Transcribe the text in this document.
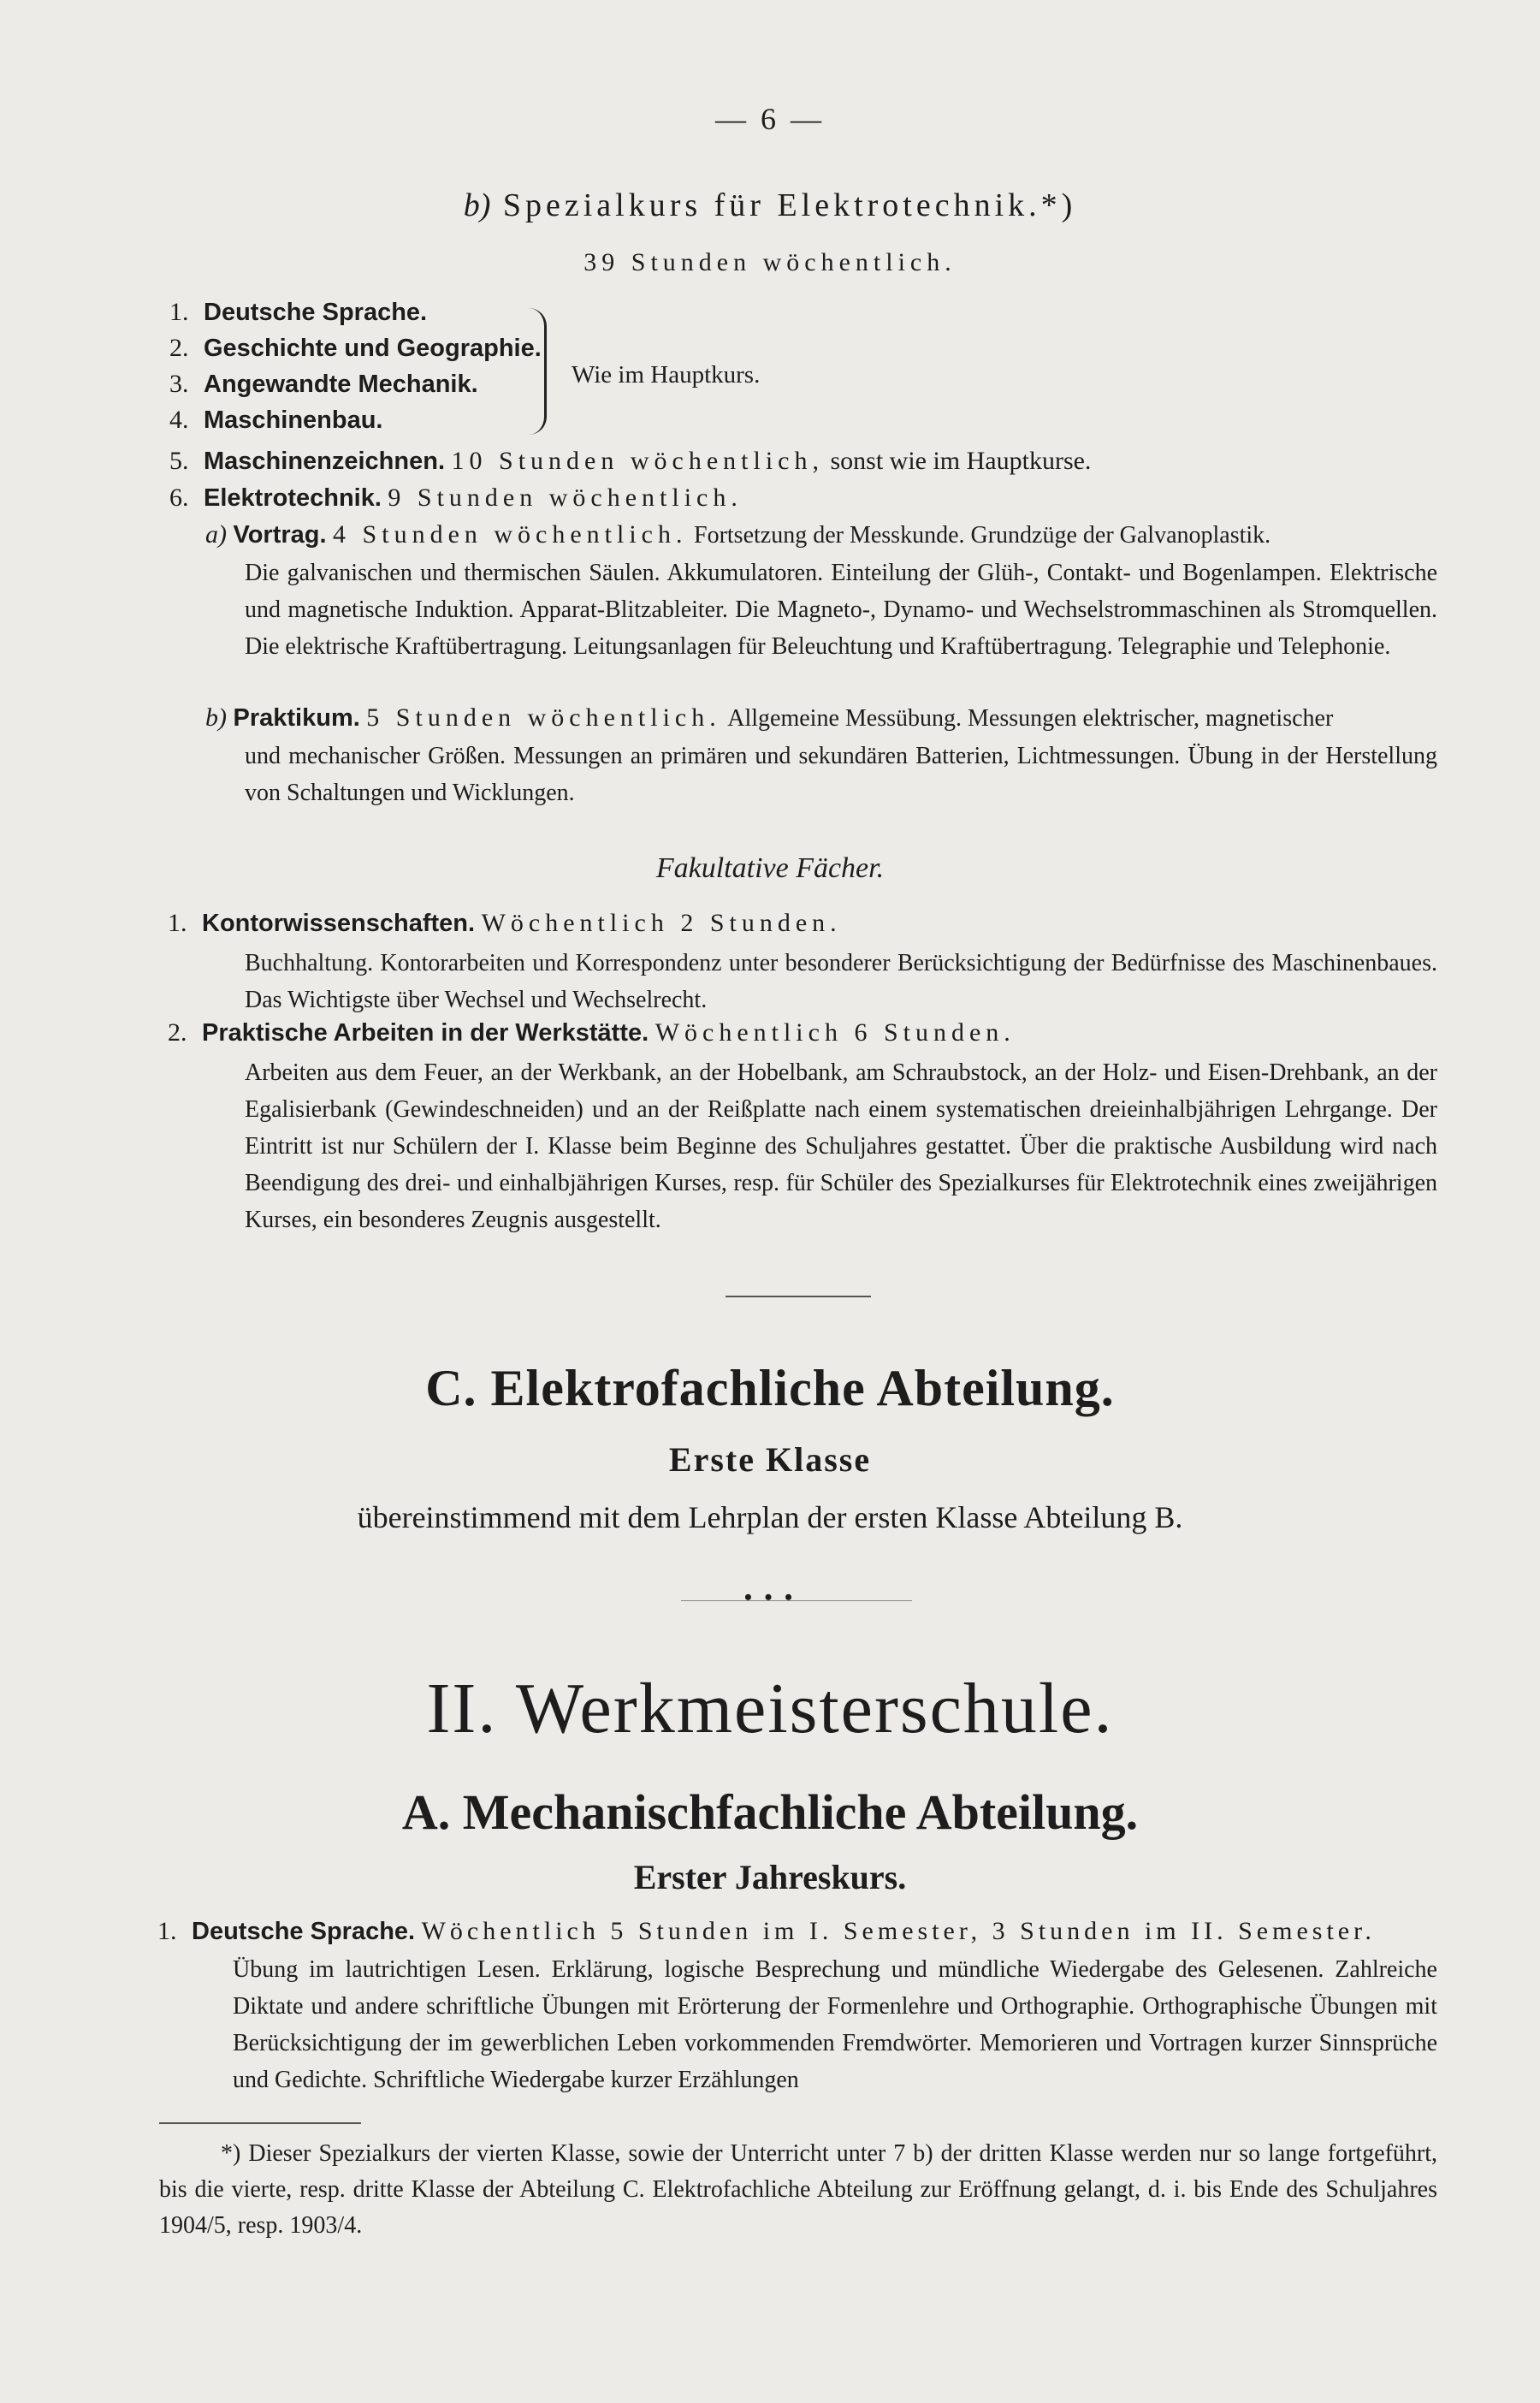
— 6 —
b) Spezialkurs für Elektrotechnik.*)
39 Stunden wöchentlich.
1. Deutsche Sprache.
2. Geschichte und Geographie.
3. Angewandte Mechanik.
4. Maschinenbau.
Wie im Hauptkurs.
5. Maschinenzeichnen. 10 Stunden wöchentlich, sonst wie im Hauptkurse.
6. Elektrotechnik. 9 Stunden wöchentlich.
a) Vortrag. 4 Stunden wöchentlich. Fortsetzung der Messkunde. Grundzüge der Galvanoplastik.
Die galvanischen und thermischen Säulen. Akkumulatoren. Einteilung der Glüh-, Contakt- und Bogenlampen. Elektrische und magnetische Induktion. Apparat-Blitzableiter. Die Magneto-, Dynamo- und Wechselstrommaschinen als Stromquellen. Die elektrische Kraftübertragung. Leitungsanlagen für Beleuchtung und Kraftübertragung. Telegraphie und Telephonie.
b) Praktikum. 5 Stunden wöchentlich. Allgemeine Messübung. Messungen elektrischer, magnetischer
und mechanischer Größen. Messungen an primären und sekundären Batterien, Lichtmessungen. Übung in der Herstellung von Schaltungen und Wicklungen.
Fakultative Fächer.
1. Kontorwissenschaften. Wöchentlich 2 Stunden.
Buchhaltung. Kontorarbeiten und Korrespondenz unter besonderer Berücksichtigung der Bedürfnisse des Maschinenbaues. Das Wichtigste über Wechsel und Wechselrecht.
2. Praktische Arbeiten in der Werkstätte. Wöchentlich 6 Stunden.
Arbeiten aus dem Feuer, an der Werkbank, an der Hobelbank, am Schraubstock, an der Holz- und Eisen-Drehbank, an der Egalisierbank (Gewindeschneiden) und an der Reißplatte nach einem systematischen dreieinhalbjährigen Lehrgange. Der Eintritt ist nur Schülern der I. Klasse beim Beginne des Schuljahres gestattet. Über die praktische Ausbildung wird nach Beendigung des drei- und einhalbjährigen Kurses, resp. für Schüler des Spezialkurses für Elektrotechnik eines zweijährigen Kurses, ein besonderes Zeugnis ausgestellt.
C. Elektrofachliche Abteilung.
Erste Klasse
übereinstimmend mit dem Lehrplan der ersten Klasse Abteilung B.
• • •
II. Werkmeisterschule.
A. Mechanischfachliche Abteilung.
Erster Jahreskurs.
1. Deutsche Sprache. Wöchentlich 5 Stunden im I. Semester, 3 Stunden im II. Semester.
Übung im lautrichtigen Lesen. Erklärung, logische Besprechung und mündliche Wiedergabe des Gelesenen. Zahlreiche Diktate und andere schriftliche Übungen mit Erörterung der Formenlehre und Orthographie. Orthographische Übungen mit Berücksichtigung der im gewerblichen Leben vorkommenden Fremdwörter. Memorieren und Vortragen kurzer Sinnsprüche und Gedichte. Schriftliche Wiedergabe kurzer Erzählungen
*) Dieser Spezialkurs der vierten Klasse, sowie der Unterricht unter 7 b) der dritten Klasse werden nur so lange fortgeführt, bis die vierte, resp. dritte Klasse der Abteilung C. Elektrofachliche Abteilung zur Eröffnung gelangt, d. i. bis Ende des Schuljahres 1904/5, resp. 1903/4.
